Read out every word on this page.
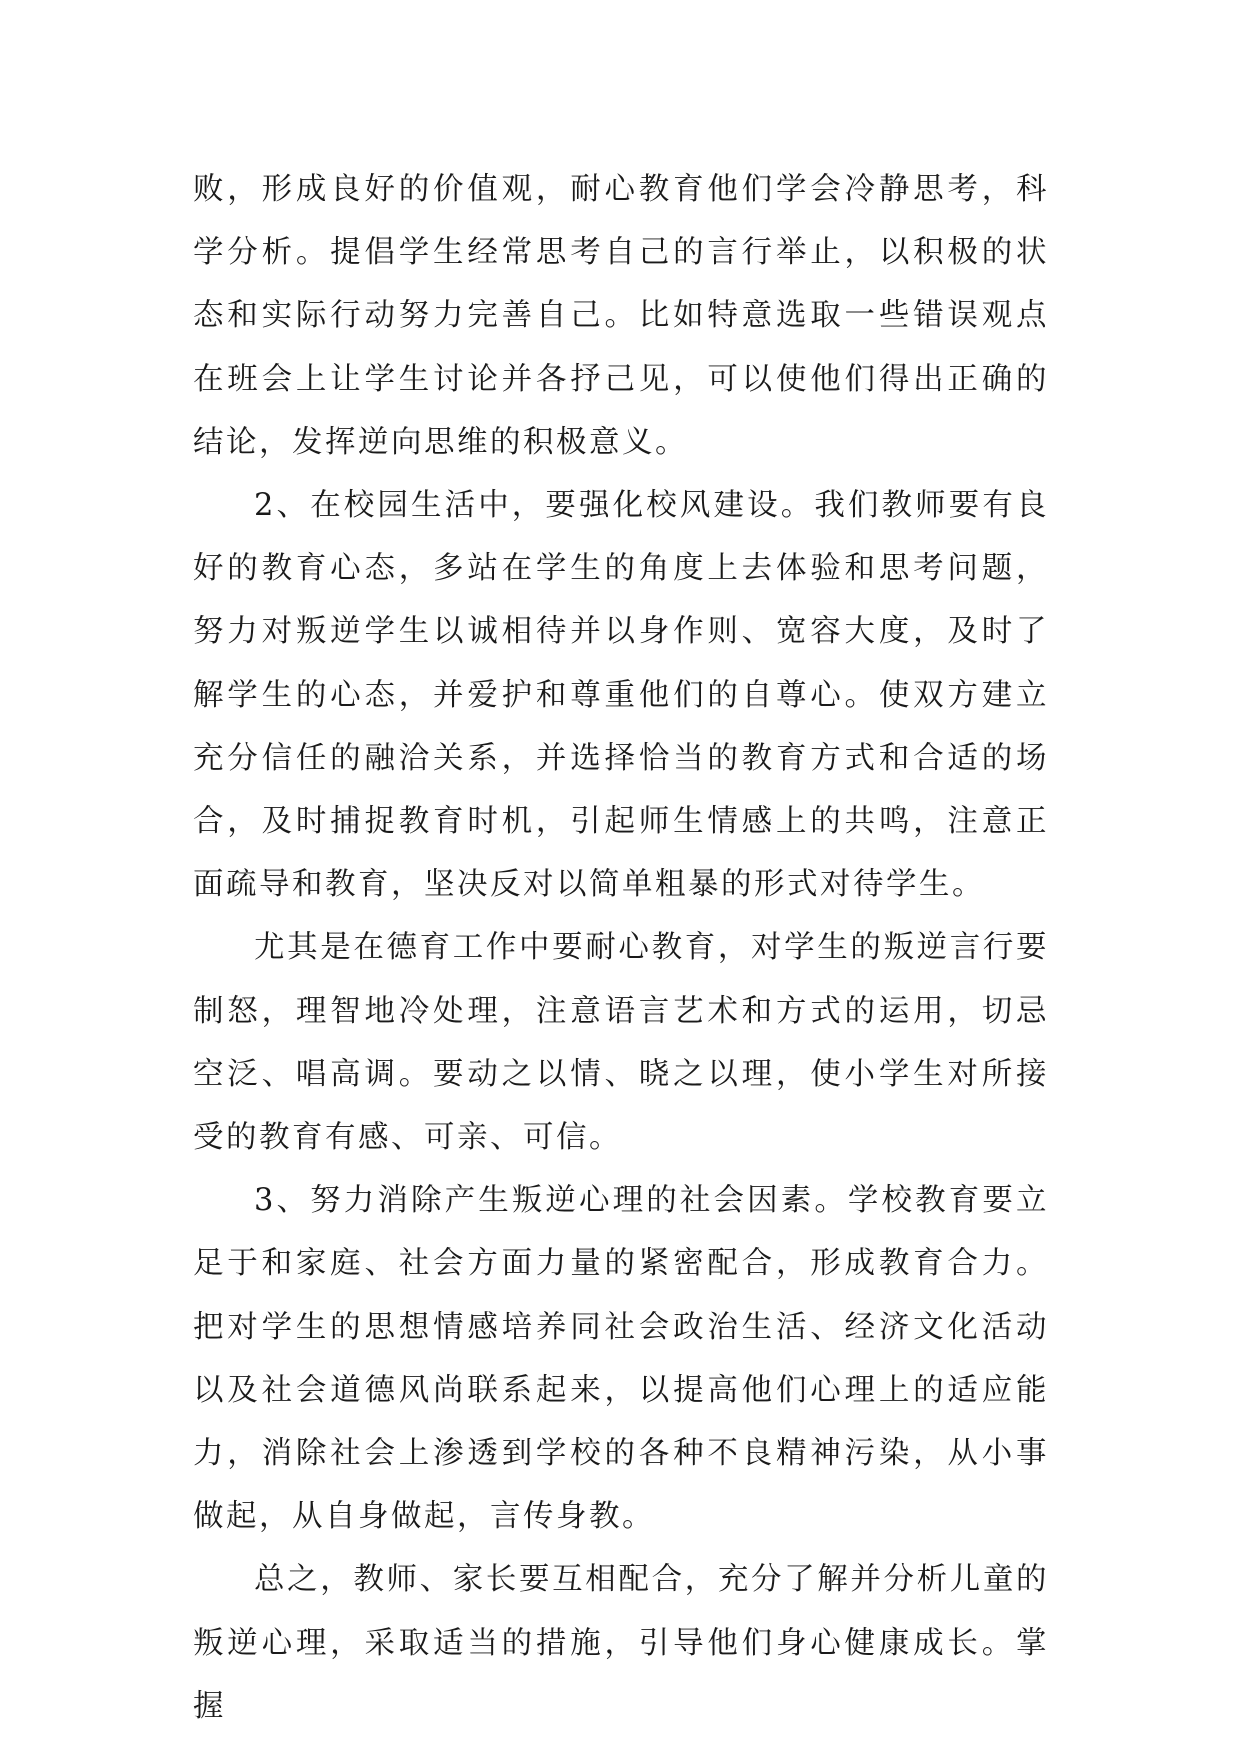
败，形成良好的价值观，耐心教育他们学会冷静思考，科学分析。提倡学生经常思考自己的言行举止，以积极的状态和实际行动努力完善自己。比如特意选取一些错误观点在班会上让学生讨论并各抒己见，可以使他们得出正确的结论，发挥逆向思维的积极意义。

2、在校园生活中，要强化校风建设。我们教师要有良好的教育心态，多站在学生的角度上去体验和思考问题，努力对叛逆学生以诚相待并以身作则、宽容大度，及时了解学生的心态，并爱护和尊重他们的自尊心。使双方建立充分信任的融洽关系，并选择恰当的教育方式和合适的场合，及时捕捉教育时机，引起师生情感上的共鸣，注意正面疏导和教育，坚决反对以简单粗暴的形式对待学生。

尤其是在德育工作中要耐心教育，对学生的叛逆言行要制怒，理智地冷处理，注意语言艺术和方式的运用，切忌空泛、唱高调。要动之以情、晓之以理，使小学生对所接受的教育有感、可亲、可信。

3、努力消除产生叛逆心理的社会因素。学校教育要立足于和家庭、社会方面力量的紧密配合，形成教育合力。把对学生的思想情感培养同社会政治生活、经济文化活动以及社会道德风尚联系起来，以提高他们心理上的适应能力，消除社会上渗透到学校的各种不良精神污染，从小事做起，从自身做起，言传身教。

总之，教师、家长要互相配合，充分了解并分析儿童的叛逆心理，采取适当的措施，引导他们身心健康成长。掌握
